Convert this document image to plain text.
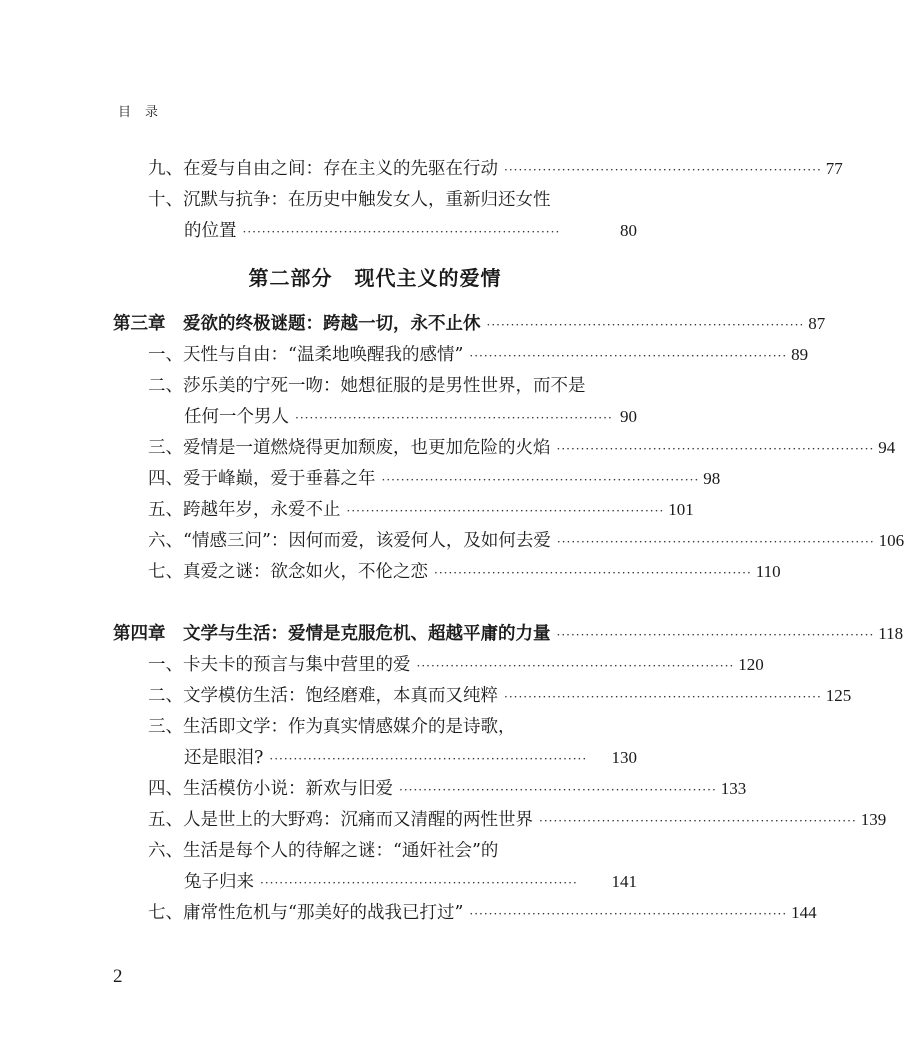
目录
九、在爱与自由之间：存在主义的先驱在行动 ·································································· 77
十、沉默与抗争：在历史中触发女人，重新归还女性
的位置 ··································································	80
第二部分 现代主义的爱情
第三章　爱欲的终极谜题：跨越一切，永不止休 ·································································· 87
一、天性与自由：“温柔地唤醒我的感情” ·································································· 89
二、莎乐美的宁死一吻：她想征服的是男性世界，而不是
任何一个男人 ·································································· 90
三、爱情是一道燃烧得更加颓废，也更加危险的火焰 ·································································· 94
四、爱于峰巅，爱于垂暮之年 ·································································· 98
五、跨越年岁，永爱不止 ·································································· 101
六、“情感三问”：因何而爱，该爱何人，及如何去爱 ·································································· 106
七、真爱之谜：欲念如火，不伦之恋 ·································································· 110
第四章　文学与生活：爱情是克服危机、超越平庸的力量 ·································································· 118
一、卡夫卡的预言与集中营里的爱 ·································································· 120
二、文学模仿生活：饱经磨难，本真而又纯粹 ·································································· 125
三、生活即文学：作为真实情感媒介的是诗歌，
还是眼泪? ··································································	130
四、生活模仿小说：新欢与旧爱 ·································································· 133
五、人是世上的大野鸡：沉痛而又清醒的两性世界 ·································································· 139
六、生活是每个人的待解之谜：“通奸社会”的
兔子归来 ··································································	141
七、庸常性危机与“那美好的战我已打过” ·································································· 144
2
